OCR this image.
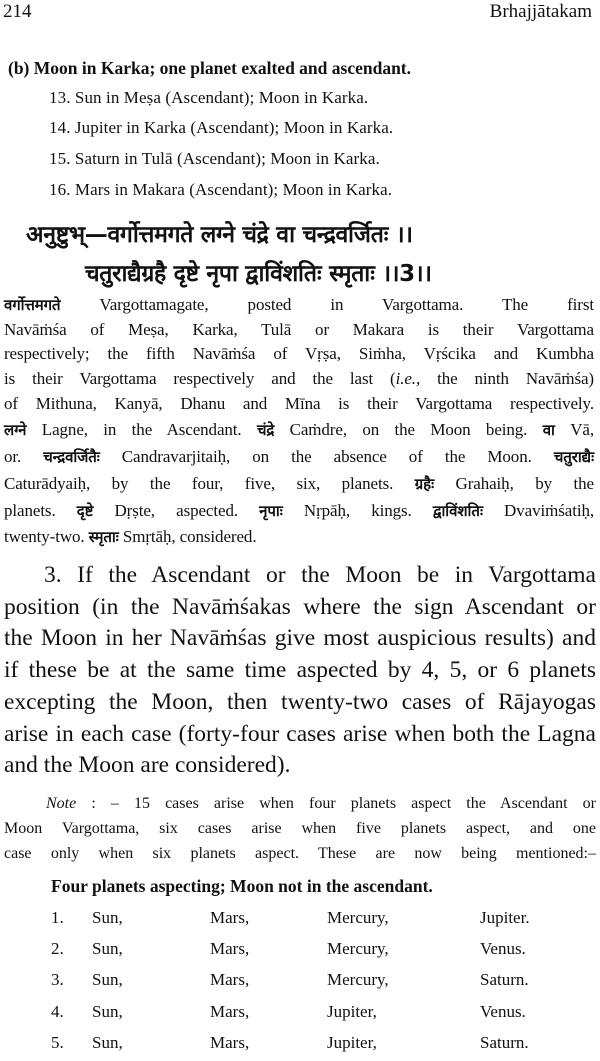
214	Brhajjātakam
(b) Moon in Karka; one planet exalted and ascendant.
13. Sun in Meṣa (Ascendant); Moon in Karka.
14. Jupiter in Karka (Ascendant); Moon in Karka.
15. Saturn in Tulā (Ascendant); Moon in Karka.
16. Mars in Makara (Ascendant); Moon in Karka.
अनुष्टुभ्—वर्गोत्तमगते लग्ने चंद्रे वा चन्द्रवर्जितः ।।
चतुराद्यैग्रहै दृष्टे नृपा द्वाविंशतिः स्मृताः ।।3।।
वर्गोत्तमगते Vargottamagate, posted in Vargottama. The first
Navāṁśa of Meṣa, Karka, Tulā or Makara is their Vargottama
respectively; the fifth Navāṁśa of Vṛṣa, Siṁha, Vṛścika and Kumbha
is their Vargottama respectively and the last (i.e., the ninth Navāṁśa)
of Mithuna, Kanyā, Dhanu and Mīna is their Vargottama respectively.
लग्ने Lagne, in the Ascendant. चंद्रे Caṁdre, on the Moon being. वा Vā,
or. चन्द्रवर्जितैः Candravarjitaiḥ, on the absence of the Moon. चतुराद्यैः
Caturādyaiḥ, by the four, five, six, planets. ग्रहैः Grahaiḥ, by the
planets. दृष्टे Dṛṣte, aspected. नृपाः Nṛpāḥ, kings. द्वाविंशतिः Dvaviṁśatiḥ,
twenty-two. स्मृताः Smṛtāḥ, considered.
3. If the Ascendant or the Moon be in Vargottama
position (in the Navāṁśakas where the sign Ascendant or
the Moon in her Navāṁśas give most auspicious results) and
if these be at the same time aspected by 4, 5, or 6 planets
excepting the Moon, then twenty-two cases of Rājayogas
arise in each case (forty-four cases arise when both the Lagna
and the Moon are considered).
Note : – 15 cases arise when four planets aspect the Ascendant or
Moon Vargottama, six cases arise when five planets aspect, and one
case only when six planets aspect. These are now being mentioned:–
Four planets aspecting; Moon not in the ascendant.
1. Sun,	Mars,	Mercury,	Jupiter.
2. Sun,	Mars,	Mercury,	Venus.
3. Sun,	Mars,	Mercury,	Saturn.
4. Sun,	Mars,	Jupiter,	Venus.
5. Sun,	Mars,	Jupiter,	Saturn.
